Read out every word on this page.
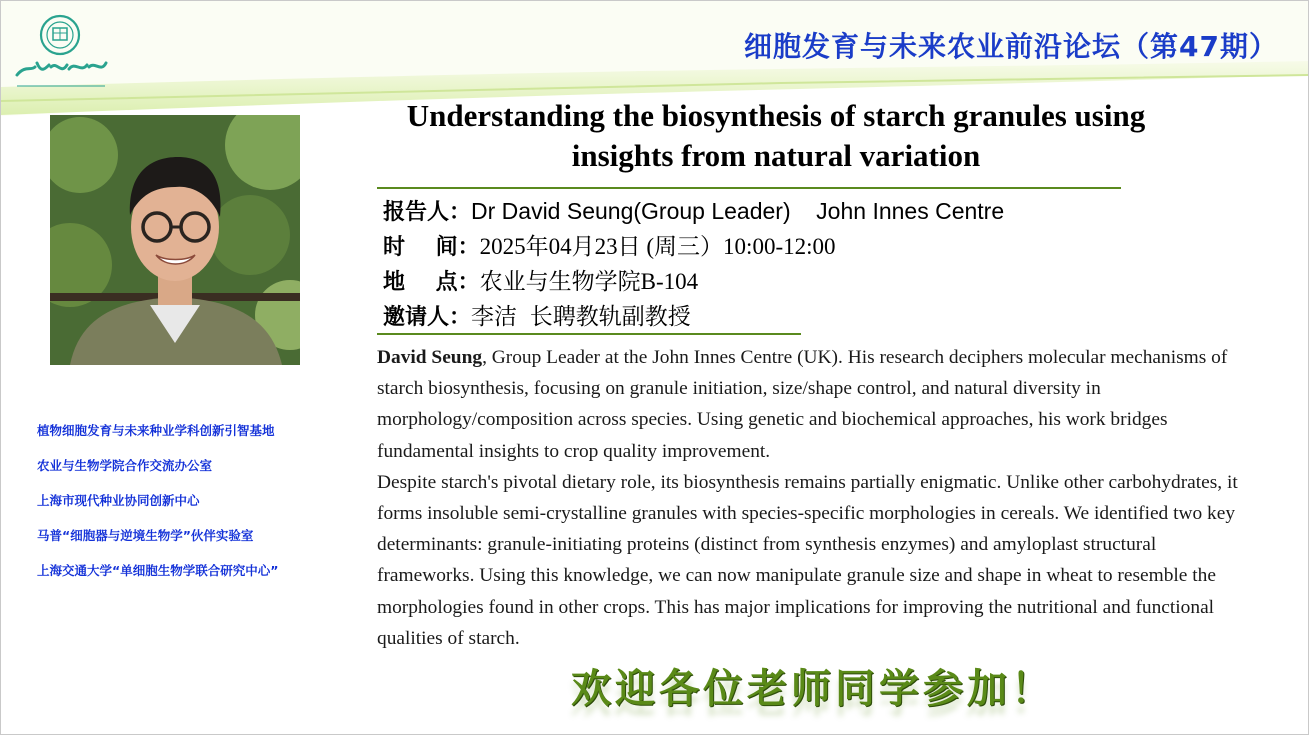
细胞发育与未来农业前沿论坛（第47期）
Understanding the biosynthesis of starch granules using insights from natural variation
报告人：Dr David Seung(Group Leader)    John Innes Centre
时    间：2025年04月23日 (周三）10:00-12:00
地    点：农业与生物学院B-104
邀请人：李洁  长聘教轨副教授

David Seung, Group Leader at the John Innes Centre (UK). His research deciphers molecular mechanisms of starch biosynthesis, focusing on granule initiation, size/shape control, and natural diversity in morphology/composition across species. Using genetic and biochemical approaches, his work bridges fundamental insights to crop quality improvement.

Despite starch's pivotal dietary role, its biosynthesis remains partially enigmatic. Unlike other carbohydrates, it forms insoluble semi-crystalline granules with species-specific morphologies in cereals. We identified two key determinants: granule-initiating proteins (distinct from synthesis enzymes) and amyloplast structural frameworks. Using this knowledge, we can now manipulate granule size and shape in wheat to resemble the morphologies found in other crops. This has major implications for improving the nutritional and functional qualities of starch.

植物细胞发育与未来种业学科创新引智基地
农业与生物学院合作交流办公室
上海市现代种业协同创新中心
马普“细胞器与逆境生物学”伙伴实验室
上海交通大学“单细胞生物学联合研究中心”
欢迎各位老师同学参加！
